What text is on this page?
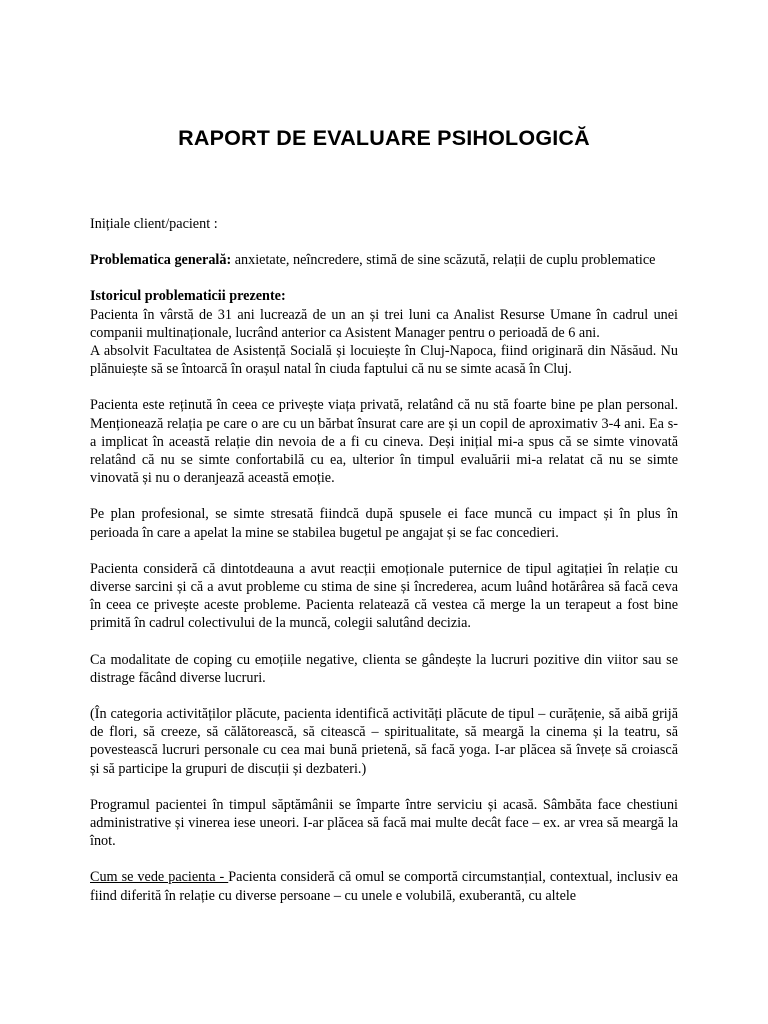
RAPORT DE EVALUARE PSIHOLOGICĂ

Inițiale client/pacient :

Problematica generală: anxietate, neîncredere, stimă de sine scăzută, relații de cuplu problematice

Istoricul problematicii prezente:

Pacienta în vârstă de 31 ani lucrează de un an și trei luni ca Analist Resurse Umane în cadrul unei companii multinaționale, lucrând anterior ca Asistent Manager pentru o perioadă de 6 ani.

A absolvit Facultatea de Asistență Socială și locuiește în Cluj-Napoca, fiind originară din Năsăud. Nu plănuiește să se întoarcă în orașul natal în ciuda faptului că nu se simte acasă în Cluj.

Pacienta este reținută în ceea ce privește viața privată, relatând că nu stă foarte bine pe plan personal. Menționează relația pe care o are cu un bărbat însurat care are și un copil de aproximativ 3-4 ani. Ea s-a implicat în această relație din nevoia de a fi cu cineva. Deși inițial mi-a spus că se simte vinovată relatând că nu se simte confortabilă cu ea, ulterior în timpul evaluării mi-a relatat că nu se simte vinovată și nu o deranjează această emoție.

Pe plan profesional, se simte stresată fiindcă după spusele ei face muncă cu impact și în plus în perioada în care a apelat la mine se stabilea bugetul pe angajat și se fac concedieri.

Pacienta consideră că dintotdeauna a avut reacții emoționale puternice de tipul agitației în relație cu diverse sarcini și că a avut probleme cu stima de sine și încrederea, acum luând hotărârea să facă ceva în ceea ce privește aceste probleme. Pacienta relatează că vestea că merge la un terapeut a fost bine primită în cadrul colectivului de la muncă, colegii salutând decizia.

Ca modalitate de coping cu emoțiile negative, clienta se gândește la lucruri pozitive din viitor sau se distrage făcând diverse lucruri.

(În categoria activităților plăcute, pacienta identifică activități plăcute de tipul – curățenie, să aibă grijă de flori, să creeze, să călătorească, să citească – spiritualitate, să meargă la cinema și la teatru, să povestească lucruri personale cu cea mai bună prietenă, să facă yoga. I-ar plăcea să învețe să croiască și să participe la grupuri de discuții și dezbateri.)

Programul pacientei în timpul săptămânii se împarte între serviciu și acasă. Sâmbăta face chestiuni administrative și vinerea iese uneori. I-ar plăcea să facă mai multe decât face – ex. ar vrea să meargă la înot.

Cum se vede pacienta - Pacienta consideră că omul se comportă circumstanțial, contextual, inclusiv ea fiind diferită în relație cu diverse persoane – cu unele e volubilă, exuberantă, cu altele
